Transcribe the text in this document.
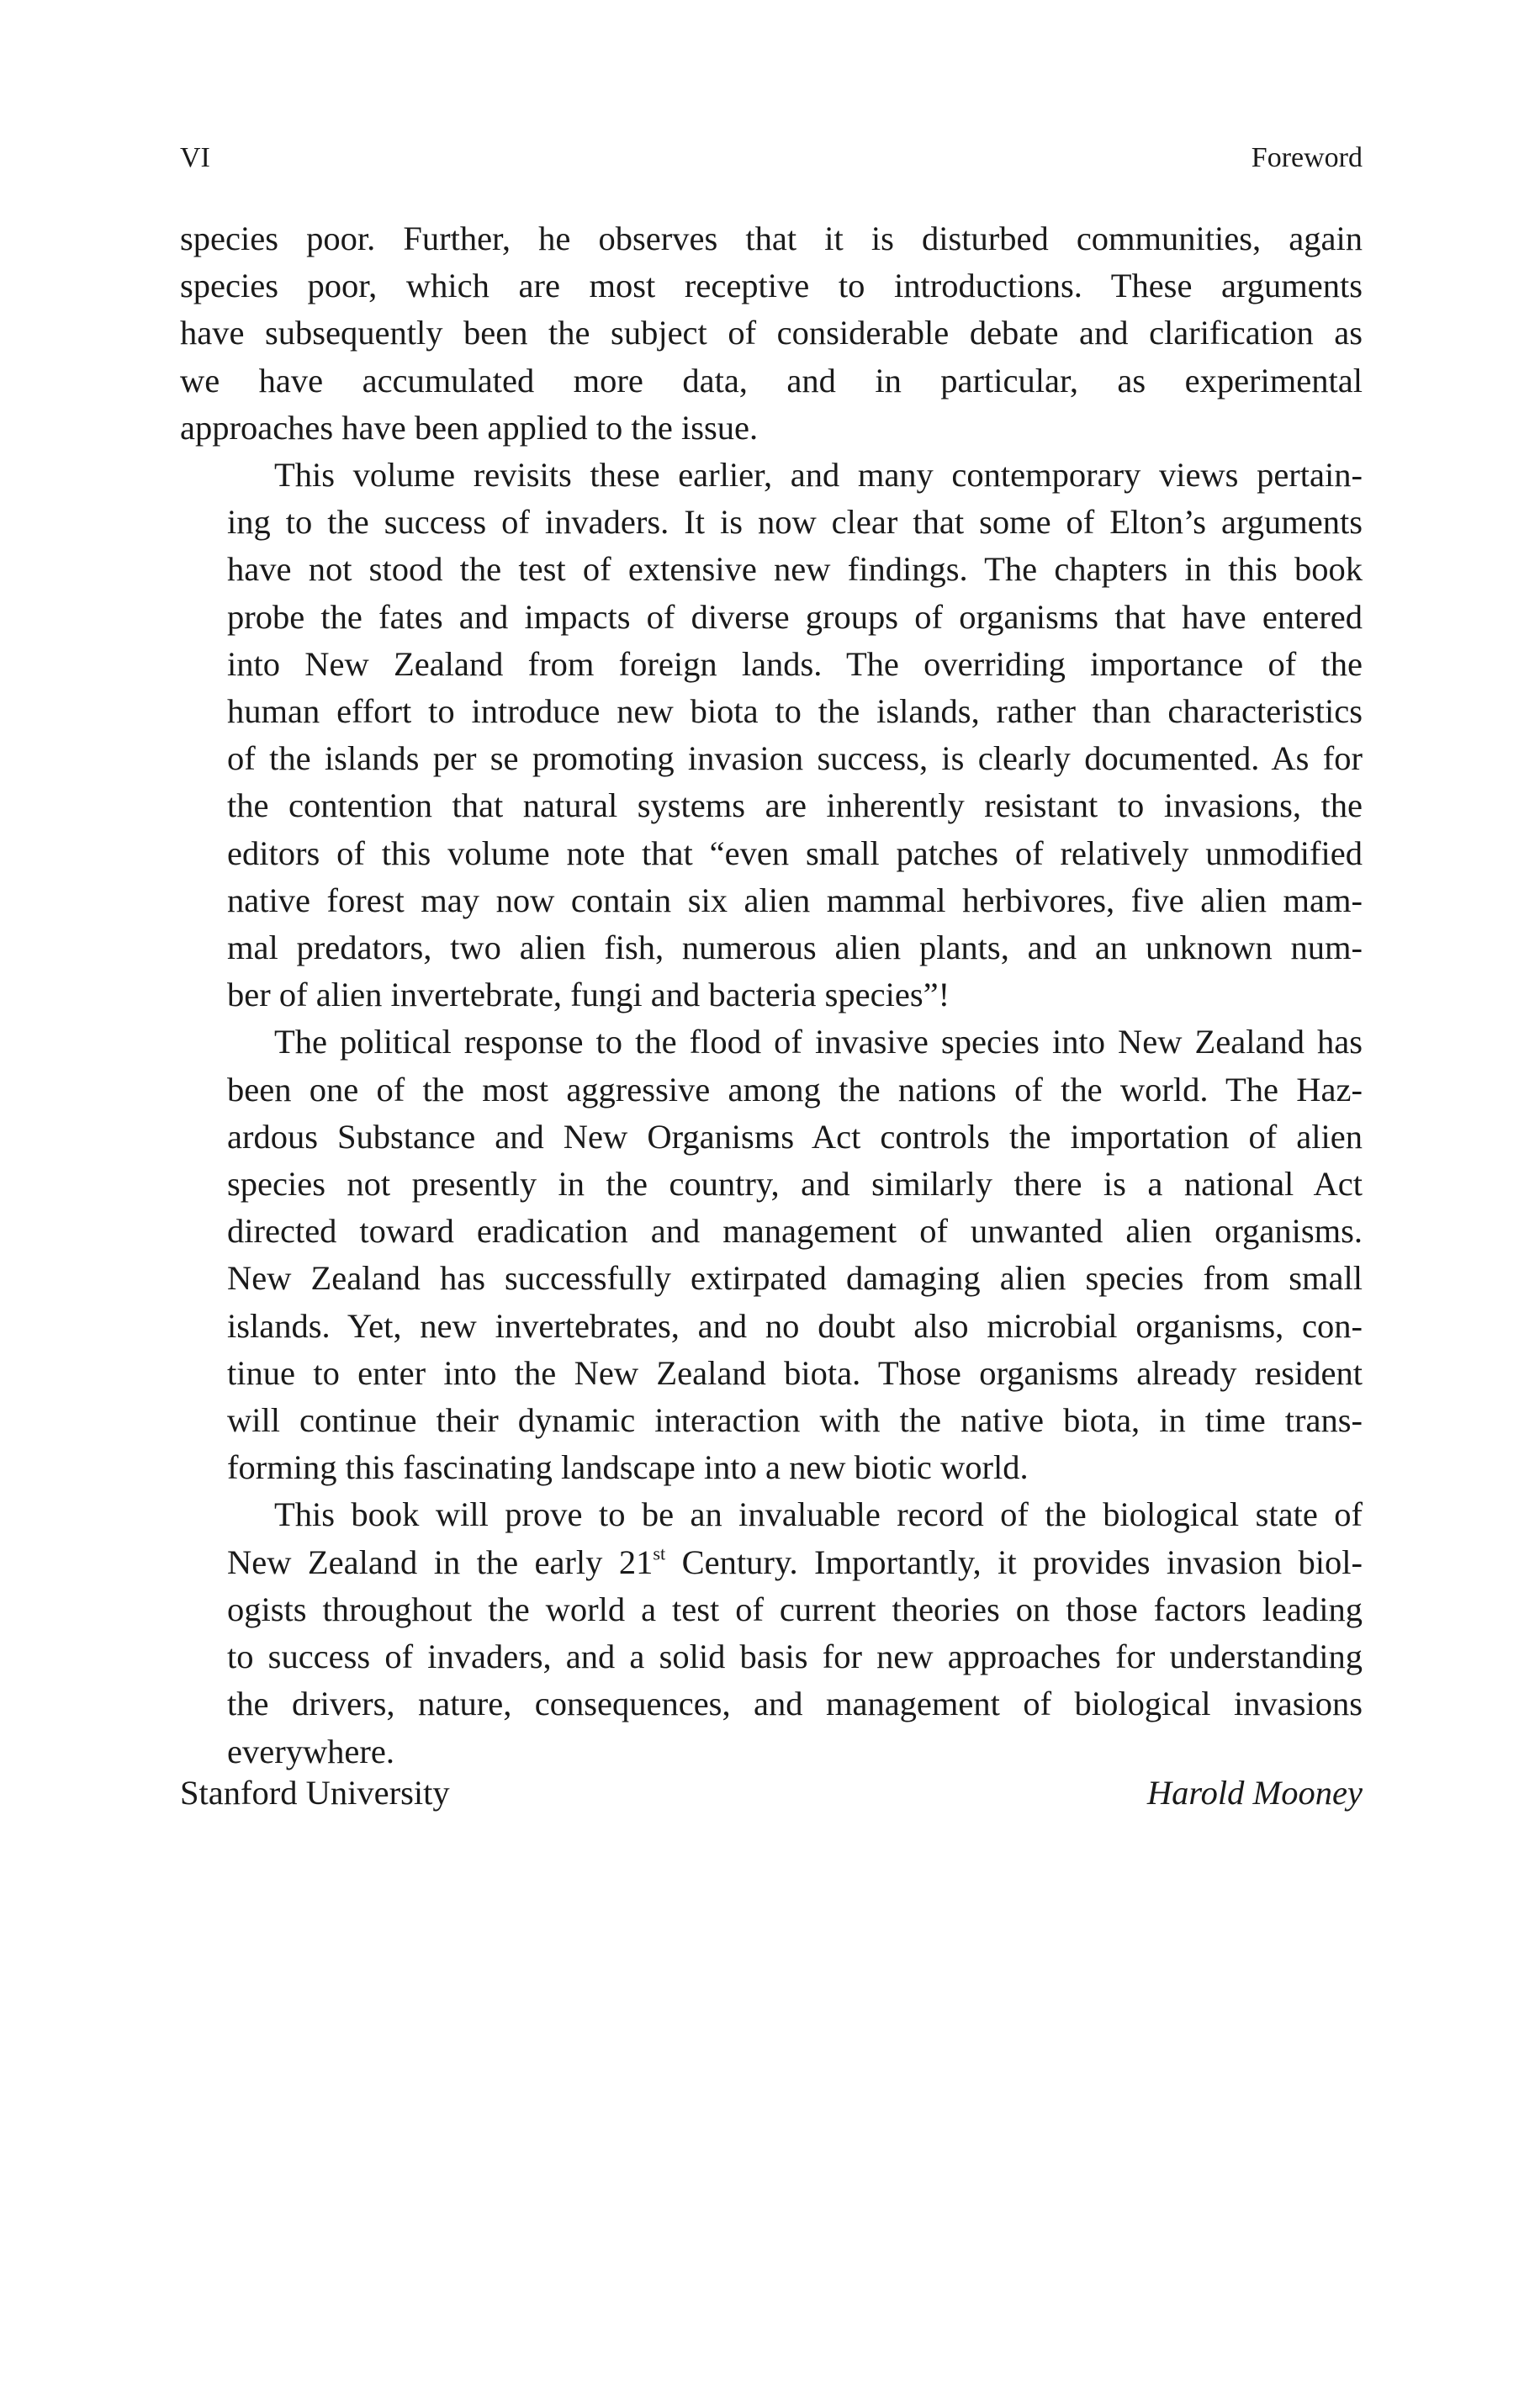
VI	Foreword

species poor. Further, he observes that it is disturbed communities, again
species poor, which are most receptive to introductions. These arguments
have subsequently been the subject of considerable debate and clarification as
we have accumulated more data, and in particular, as experimental
approaches have been applied to the issue.

This volume revisits these earlier, and many contemporary views pertain-
ing to the success of invaders. It is now clear that some of Elton’s arguments
have not stood the test of extensive new findings. The chapters in this book
probe the fates and impacts of diverse groups of organisms that have entered
into New Zealand from foreign lands. The overriding importance of the
human effort to introduce new biota to the islands, rather than characteristics
of the islands per se promoting invasion success, is clearly documented. As for
the contention that natural systems are inherently resistant to invasions, the
editors of this volume note that “even small patches of relatively unmodified
native forest may now contain six alien mammal herbivores, five alien mam-
mal predators, two alien fish, numerous alien plants, and an unknown num-
ber of alien invertebrate, fungi and bacteria species”!

The political response to the flood of invasive species into New Zealand has
been one of the most aggressive among the nations of the world. The Haz-
ardous Substance and New Organisms Act controls the importation of alien
species not presently in the country, and similarly there is a national Act
directed toward eradication and management of unwanted alien organisms.
New Zealand has successfully extirpated damaging alien species from small
islands. Yet, new invertebrates, and no doubt also microbial organisms, con-
tinue to enter into the New Zealand biota. Those organisms already resident
will continue their dynamic interaction with the native biota, in time trans-
forming this fascinating landscape into a new biotic world.

This book will prove to be an invaluable record of the biological state of
New Zealand in the early 21st Century. Importantly, it provides invasion biol-
ogists throughout the world a test of current theories on those factors leading
to success of invaders, and a solid basis for new approaches for understanding
the drivers, nature, consequences, and management of biological invasions
everywhere.

Stanford University	Harold Mooney
